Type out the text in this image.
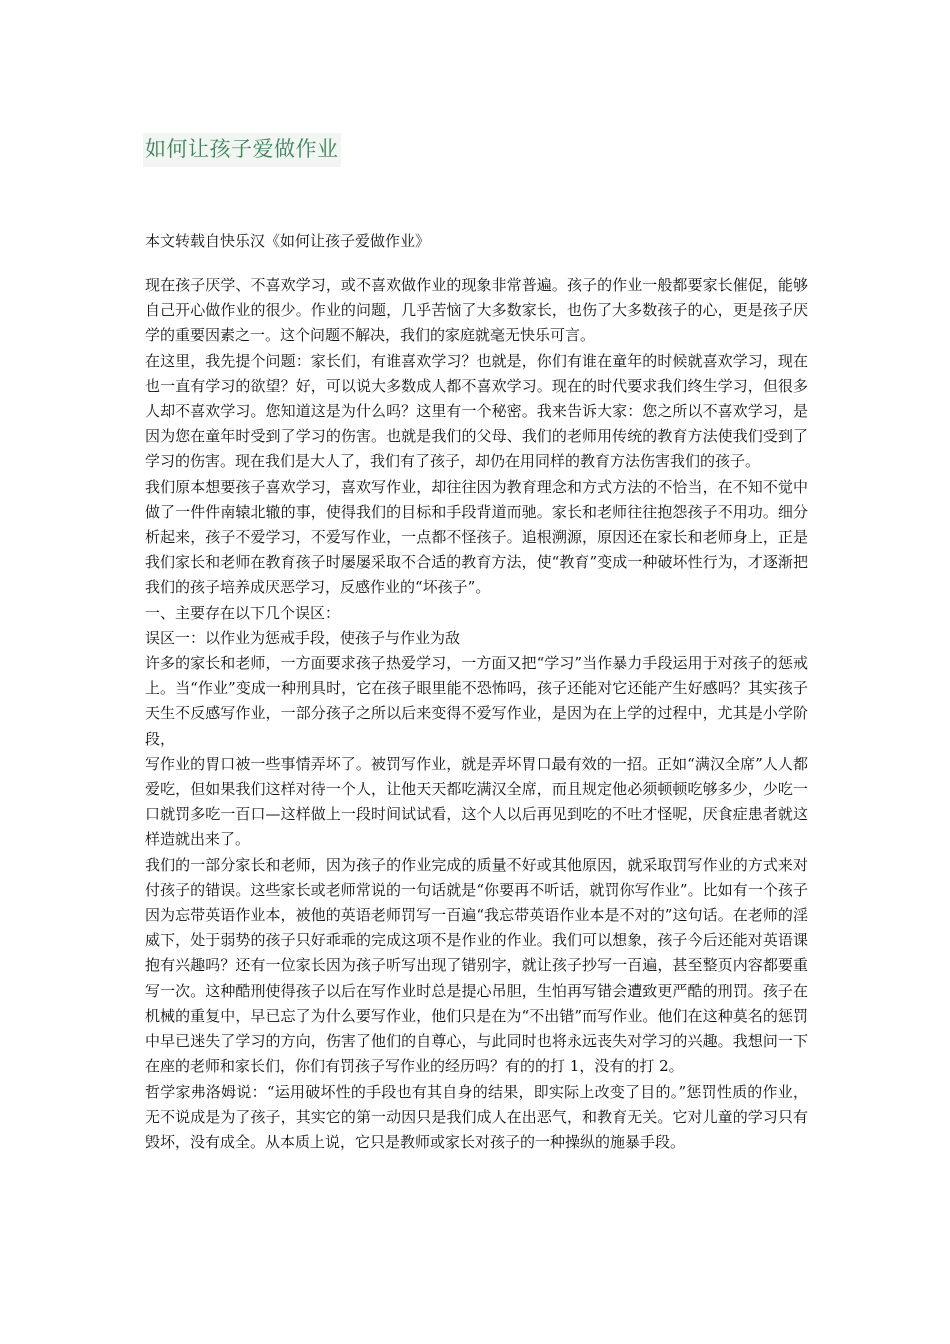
如何让孩子爱做作业

本文转载自快乐汉《如何让孩子爱做作业》

现在孩子厌学、不喜欢学习，或不喜欢做作业的现象非常普遍。孩子的作业一般都要家长催促，能够自己开心做作业的很少。作业的问题，几乎苦恼了大多数家长，也伤了大多数孩子的心，更是孩子厌学的重要因素之一。这个问题不解决，我们的家庭就毫无快乐可言。

在这里，我先提个问题：家长们，有谁喜欢学习？也就是，你们有谁在童年的时候就喜欢学习，现在也一直有学习的欲望？好，可以说大多数成人都不喜欢学习。现在的时代要求我们终生学习，但很多人却不喜欢学习。您知道这是为什么吗？这里有一个秘密。我来告诉大家：您之所以不喜欢学习，是因为您在童年时受到了学习的伤害。也就是我们的父母、我们的老师用传统的教育方法使我们受到了学习的伤害。现在我们是大人了，我们有了孩子，却仍在用同样的教育方法伤害我们的孩子。

我们原本想要孩子喜欢学习，喜欢写作业，却往往因为教育理念和方式方法的不恰当，在不知不觉中做了一件件南辕北辙的事，使得我们的目标和手段背道而驰。家长和老师往往抱怨孩子不用功。细分析起来，孩子不爱学习，不爱写作业，一点都不怪孩子。追根溯源，原因还在家长和老师身上，正是我们家长和老师在教育孩子时屡屡采取不合适的教育方法，使“教育”变成一种破坏性行为，才逐渐把我们的孩子培养成厌恶学习，反感作业的“坏孩子”。

一、主要存在以下几个误区：

误区一：以作业为惩戒手段，使孩子与作业为敌

许多的家长和老师，一方面要求孩子热爱学习，一方面又把“学习”当作暴力手段运用于对孩子的惩戒上。当“作业”变成一种刑具时，它在孩子眼里能不恐怖吗，孩子还能对它还能产生好感吗？其实孩子天生不反感写作业，一部分孩子之所以后来变得不爱写作业，是因为在上学的过程中，尤其是小学阶段，

写作业的胃口被一些事情弄坏了。被罚写作业，就是弄坏胃口最有效的一招。正如“满汉全席”人人都爱吃，但如果我们这样对待一个人，让他天天都吃满汉全席，而且规定他必须顿顿吃够多少，少吃一口就罚多吃一百口—这样做上一段时间试试看，这个人以后再见到吃的不吐才怪呢，厌食症患者就这样造就出来了。

我们的一部分家长和老师，因为孩子的作业完成的质量不好或其他原因，就采取罚写作业的方式来对付孩子的错误。这些家长或老师常说的一句话就是“你要再不听话，就罚你写作业”。比如有一个孩子因为忘带英语作业本，被他的英语老师罚写一百遍“我忘带英语作业本是不对的”这句话。在老师的淫威下，处于弱势的孩子只好乖乖的完成这项不是作业的作业。我们可以想象，孩子今后还能对英语课抱有兴趣吗？还有一位家长因为孩子听写出现了错别字，就让孩子抄写一百遍，甚至整页内容都要重写一次。这种酷刑使得孩子以后在写作业时总是提心吊胆，生怕再写错会遭致更严酷的刑罚。孩子在机械的重复中，早已忘了为什么要写作业，他们只是在为“不出错”而写作业。他们在这种莫名的惩罚中早已迷失了学习的方向，伤害了他们的自尊心，与此同时也将永远丧失对学习的兴趣。我想问一下在座的老师和家长们，你们有罚孩子写作业的经历吗？有的的打 1，没有的打 2。

哲学家弗洛姆说：“运用破坏性的手段也有其自身的结果，即实际上改变了目的。”惩罚性质的作业，无不说成是为了孩子，其实它的第一动因只是我们成人在出恶气，和教育无关。它对儿童的学习只有毁坏，没有成全。从本质上说，它只是教师或家长对孩子的一种操纵的施暴手段。
